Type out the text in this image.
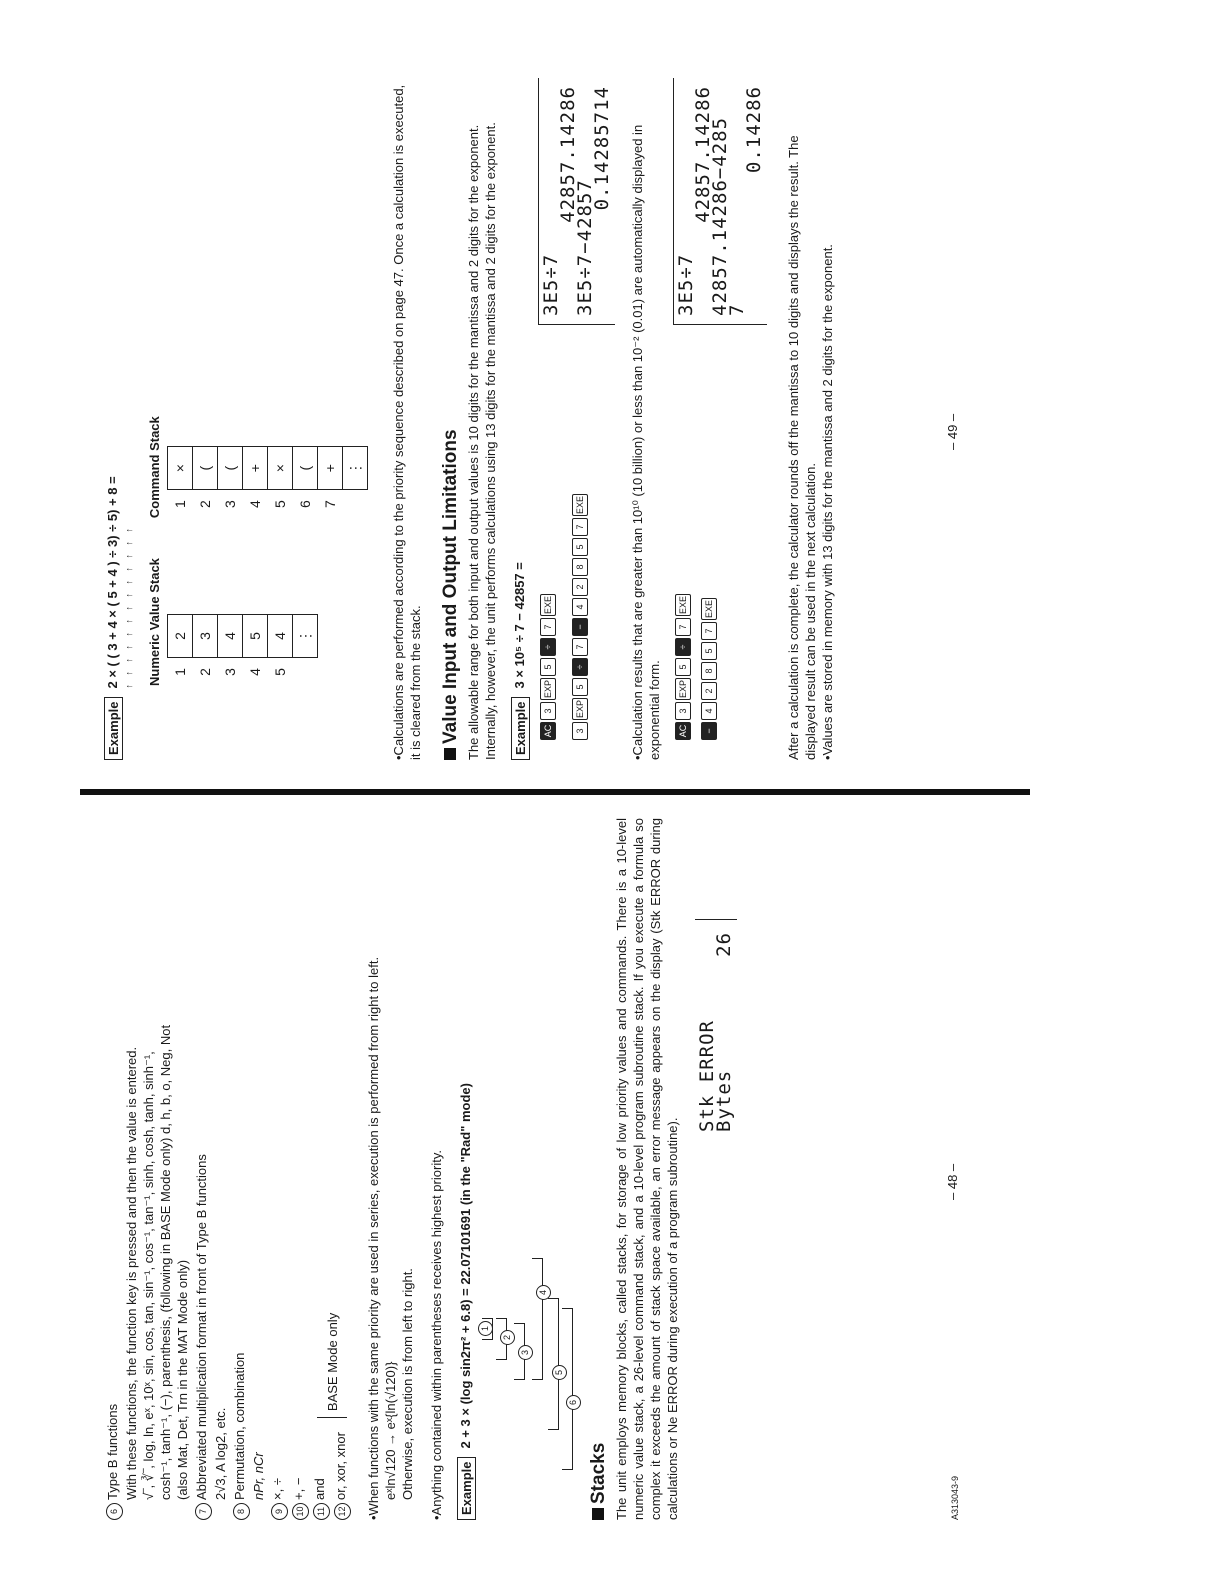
6Type B functions With these functions, the function key is pressed and then the value is entered. √‾, ∛‾, log, ln, eˣ, 10ˣ, sin, cos, tan, sin⁻¹, cos⁻¹, tan⁻¹, sinh, cosh, tanh, sinh⁻¹, cosh⁻¹, tanh⁻¹, (−), parenthesis, (following in BASE Mode only) d, h, b, o, Neg, Not (also Mat, Det, Trn in the MAT Mode only)
7Abbreviated multiplication format in front of Type B functions 2√3, A log2, etc.
8Permutation, combination nPr, nCr
9×, ÷
10+, −
11and
12or, xor, xnor
BASE Mode only •When functions with the same priority are used in series, execution is performed from right to left. eˣln√120 → eˣ{ln(√120)} Otherwise, execution is from left to right. •Anything contained within parentheses receives highest priority. Example
2 + 3 × (log sin2π² + 6.8) = 22.07101691 (in the "Rad" mode) 1
2
3
4
5
6
Stacks The unit employs memory blocks, called stacks, for storage of low priority values and commands. There is a 10-level numeric value stack, a 26-level command stack, and a 10-level program subroutine stack. If you execute a formula so complex it exceeds the amount of stack space available, an error message appears on the display (Stk ERROR during calculations or Ne ERROR during execution of a program subroutine).
Stk ERROR
Bytes
26
– 48 –
A313043-9
Example
2 × ( ( 3 + 4 × ( 5 + 4 ) ÷ 3) ÷ 5) + 8 = ↑ ↑ ↑ ↑ ↑ ↑ ↑ ↑ ↑ ↑ ↑ ↑ ↑	Numeric Value Stack 1	2
2	3
3	4
4	5
5	4
	⋮
Command Stack 1	×
2	(
3	(
4	+
5	×
6	(
7	+
	⋮ •Calculations are performed according to the priority sequence described on page 47. Once a calculation is executed, it is cleared from the stack. Value Input and Output Limitations The allowable range for both input and output values is 10 digits for the mantissa and 2 digits for the exponent. Internally, however, the unit performs calculations using 13 digits for the mantissa and 2 digits for the exponent. Example
3 × 10⁵ ÷ 7 − 42857 =
AC3EXP5÷7EXE
3EXP5÷7−42857EXE
3E5÷7
42857.14286
3E5÷7−42857
0.14285714 •Calculation results that are greater than 10¹⁰ (10 billion) or less than 10⁻² (0.01) are automatically displayed in exponential form.	AC3EXP5÷7EXE
−42857EXE
3E5÷7
42857.14286
42857.14286−4285
7
0.14286
After a calculation is complete, the calculator rounds off the mantissa to 10 digits and displays the result. The displayed result can be used in the next calculation. •Values are stored in memory with 13 digits for the mantissa and 2 digits for the exponent.	– 49 –
